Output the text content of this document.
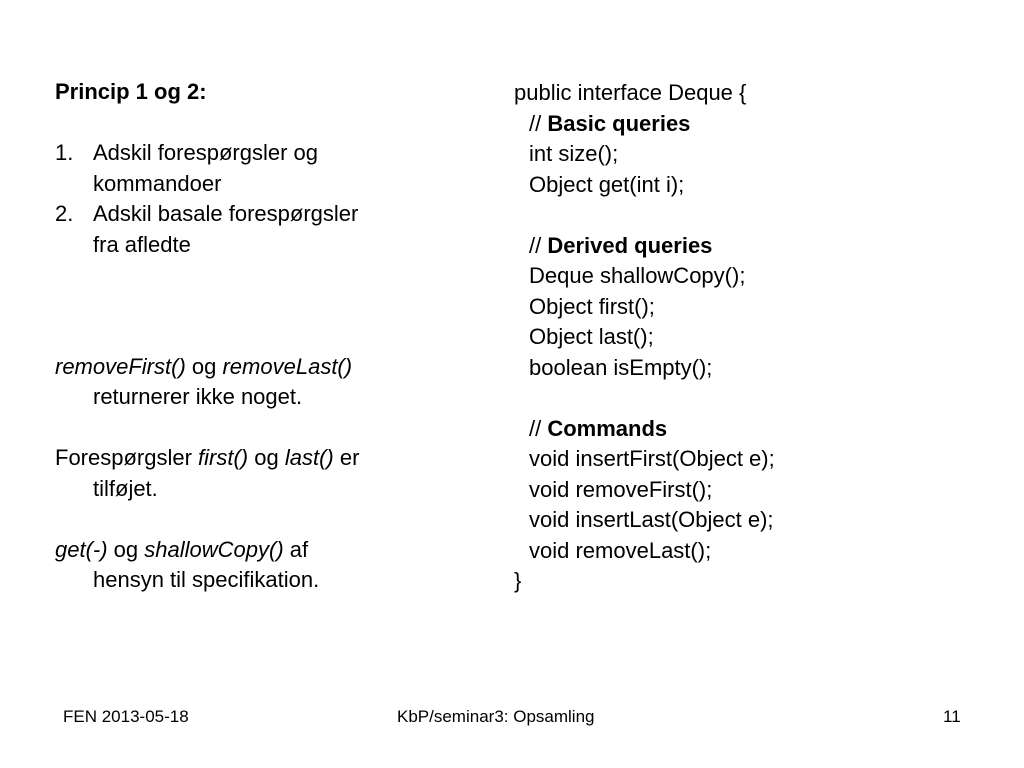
Princip 1 og 2:

1. Adskil forespørgsler og
kommandoer
2. Adskil basale forespørgsler
fra afledte

removeFirst() og removeLast()
returnerer ikke noget.

Forespørgsler first() og last() er
tilføjet.

get(-) og shallowCopy() af
hensyn til specifikation.

public interface Deque {

// Basic queries

int size();

Object get(int i);

// Derived queries

Deque shallowCopy();

Object first();

Object last();

boolean isEmpty();

// Commands

void insertFirst(Object e);

void removeFirst();

void insertLast(Object e);

void removeLast();

}

FEN 2013-05-18	KbP/seminar3: Opsamling	11
